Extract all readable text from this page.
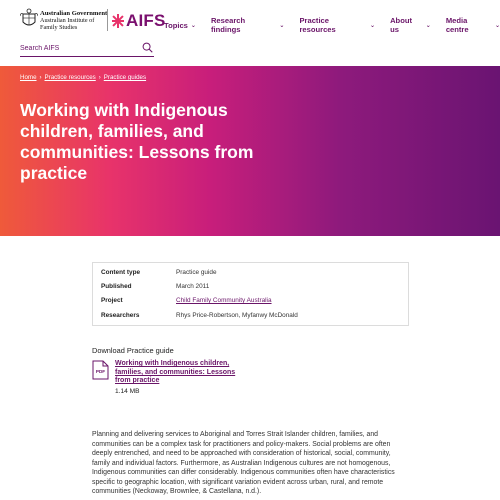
Australian Government
Australian Institute of
Family Studies	AIFS
Topics ⌄
Research findings	⌄
Practice resources	⌄
About us	⌄
Media centre	⌄
Search AIFS
Home › Practice resources › Practice guides
Working with Indigenous children, families, and communities: Lessons from practice
Content type	Practice guide
Published	March 2011
Project	Child Family Community Australia
Researchers	Rhys Price-Robertson, Myfanwy McDonald
Download Practice guide
PDF
Working with Indigenous children, families, and communities: Lessons from practice
1.14 MB

Planning and delivering services to Aboriginal and Torres Strait Islander children, families, and communities can be a complex task for practitioners and policy-makers. Social problems are often deeply entrenched, and need to be approached with consideration of historical, social, community, family and individual factors. Furthermore, as Australian Indigenous cultures are not homogenous, Indigenous communities can differ considerably. Indigenous communities often have characteristics specific to geographic location, with significant variation evident across urban, rural, and remote communities (Neckoway, Brownlee, & Castellana, n.d.).
